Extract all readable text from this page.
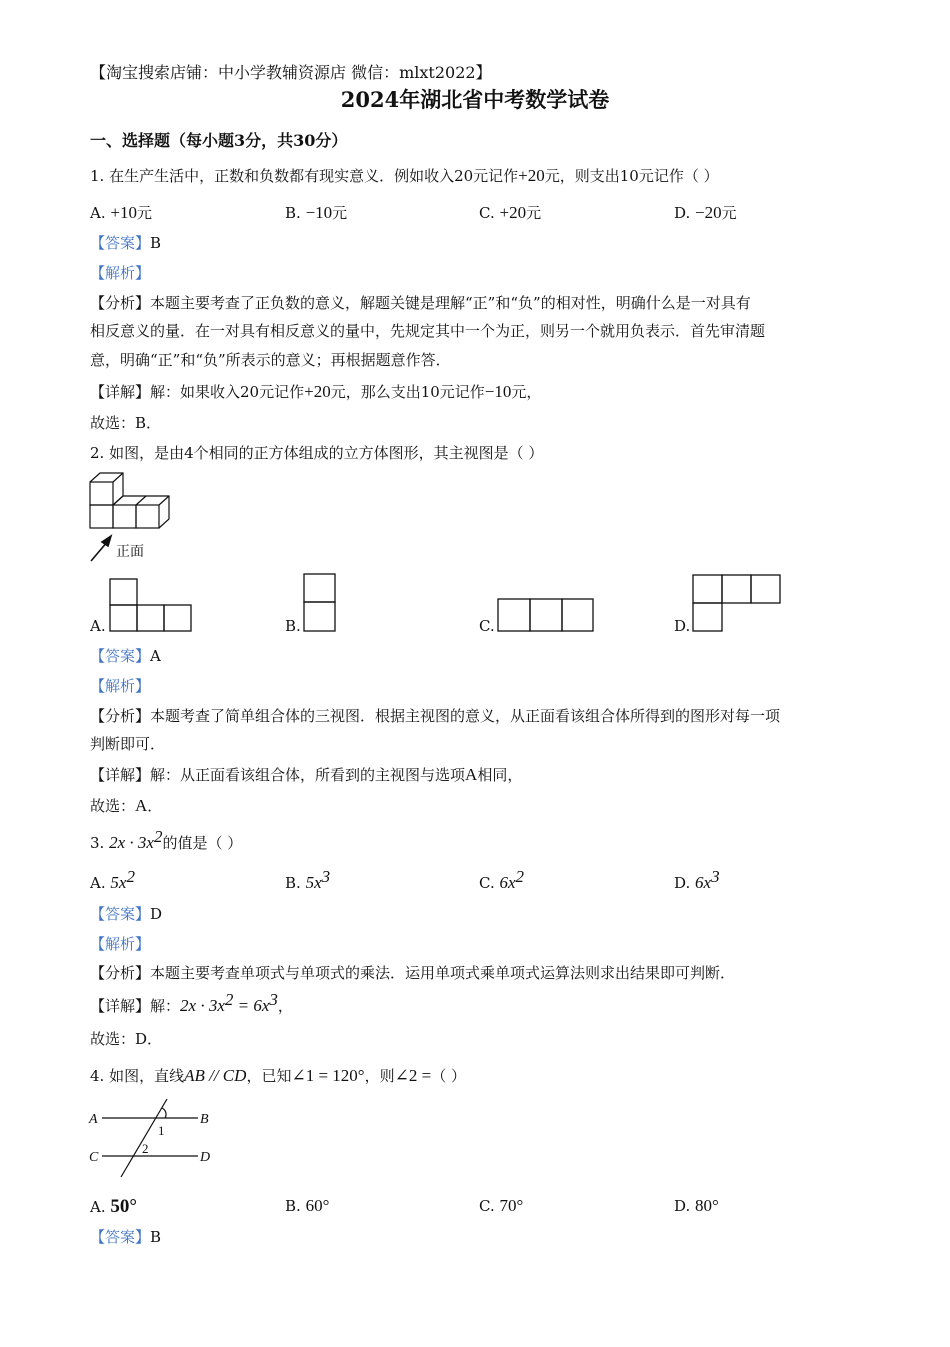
【淘宝搜索店铺：中小学教辅资源店 微信：mlxt2022】
2024年湖北省中考数学试卷
一、选择题（每小题3分，共30分）
1. 在生产生活中，正数和负数都有现实意义．例如收入20元记作+20元，则支出10元记作（ ）
A. +10元	B. −10元	C. +20元	D. −20元
【答案】B
【解析】
【分析】本题主要考查了正负数的意义，解题关键是理解“正”和“负”的相对性，明确什么是一对具有
相反意义的量．在一对具有相反意义的量中，先规定其中一个为正，则另一个就用负表示．首先审清题
意，明确“正”和“负”所表示的意义；再根据题意作答．
【详解】解：如果收入20元记作+20元，那么支出10元记作−10元，
故选：B．
2. 如图，是由4个相同的正方体组成的立方体图形，其主视图是（ ）
正面
A.	B.	C.	D.
【答案】A
【解析】
【分析】本题考查了简单组合体的三视图．根据主视图的意义，从正面看该组合体所得到的图形对每一项
判断即可．
【详解】解：从正面看该组合体，所看到的主视图与选项A相同，
故选：A．
3. $2x \cdot 3x^2$的值是（ ）
A. $5x^2$	B. $5x^3$	C. $6x^2$	D. $6x^3$
【答案】D
【解析】
【分析】本题主要考查单项式与单项式的乘法．运用单项式乘单项式运算法则求出结果即可判断．
【详解】解：$2x \cdot 3x^2 = 6x^3$，
故选：D．
4. 如图，直线AB // CD，已知∠1 = 120°，则∠2 =（ ）
A	B
C	D
1
2
A. 50°	B. 60°	C. 70°	D. 80°
【答案】B
